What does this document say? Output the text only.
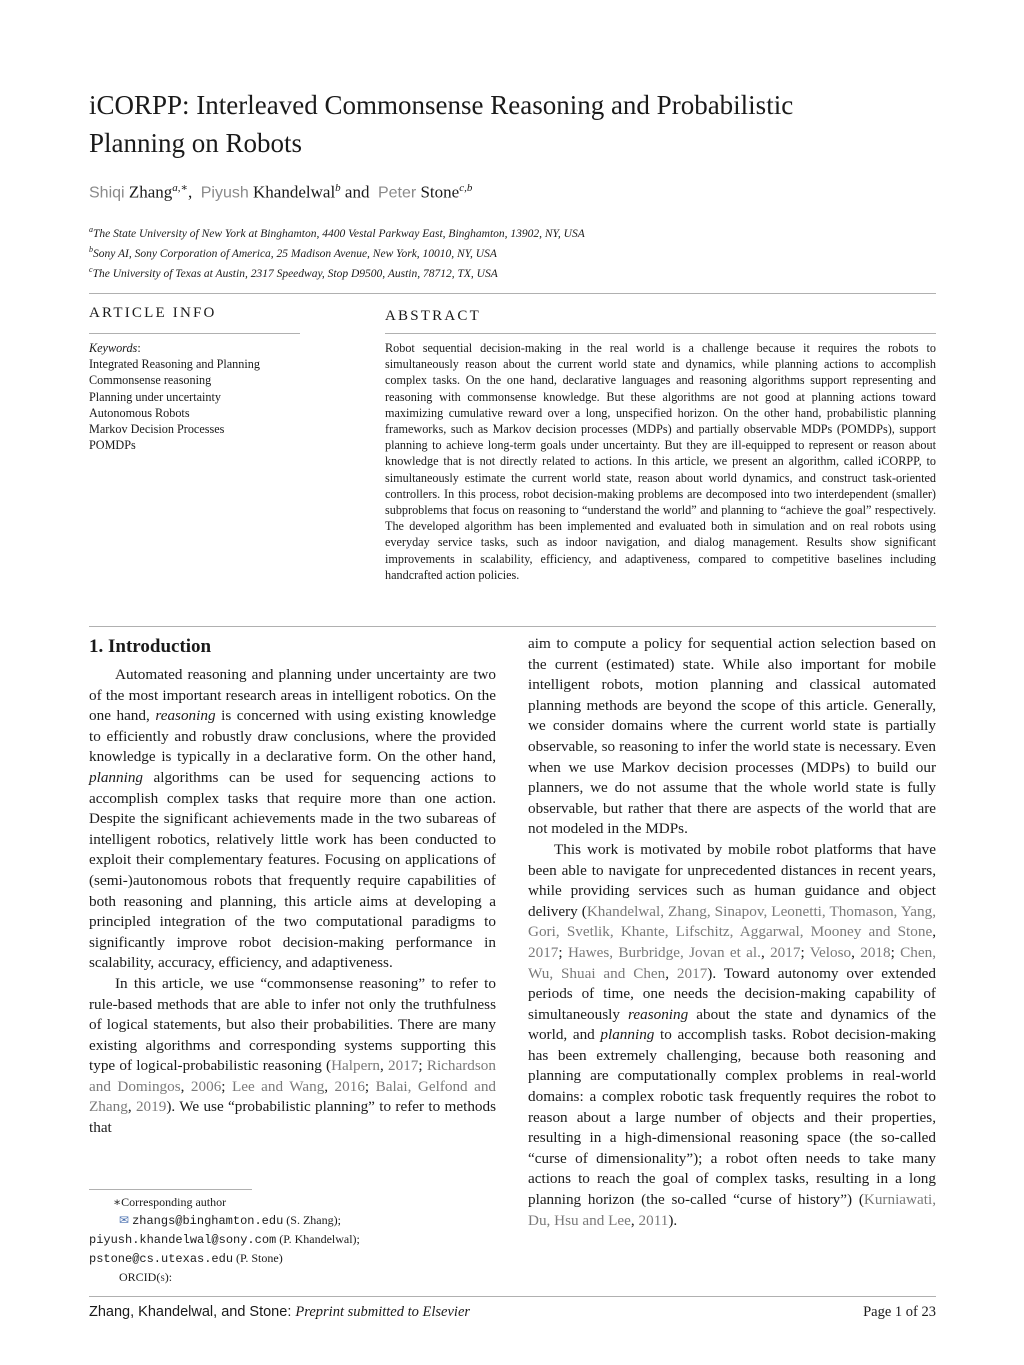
iCORPP: Interleaved Commonsense Reasoning and Probabilistic
Planning on Robots
Shiqi Zhang$^{a,∗}$,  Piyush Khandelwal$^b$ and Peter Stone$^{c,b}$
$^a$The State University of New York at Binghamton, 4400 Vestal Parkway East, Binghamton, 13902, NY, USA
$^b$Sony AI, Sony Corporation of America, 25 Madison Avenue, New York, 10010, NY, USA
$^c$The University of Texas at Austin, 2317 Speedway, Stop D9500, Austin, 78712, TX, USA
ARTICLE INFO
Keywords:
Integrated Reasoning and Planning
Commonsense reasoning
Planning under uncertainty
Autonomous Robots
Markov Decision Processes
POMDPs
ABSTRACT
Robot sequential decision-making in the real world is a challenge because it requires the robots to simultaneously reason about the current world state and dynamics, while planning actions to accomplish complex tasks. On the one hand, declarative languages and reasoning algorithms support representing and reasoning with commonsense knowledge. But these algorithms are not good at planning actions toward maximizing cumulative reward over a long, unspecified horizon. On the other hand, probabilistic planning frameworks, such as Markov decision processes (MDPs) and partially observable MDPs (POMDPs), support planning to achieve long-term goals under uncertainty. But they are ill-equipped to represent or reason about knowledge that is not directly related to actions. In this article, we present an algorithm, called iCORPP, to simultaneously estimate the current world state, reason about world dynamics, and construct task-oriented controllers. In this process, robot decision-making problems are decomposed into two interdependent (smaller) subproblems that focus on reasoning to “understand the world” and planning to “achieve the goal” respectively. The developed algorithm has been implemented and evaluated both in simulation and on real robots using everyday service tasks, such as indoor navigation, and dialog management. Results show significant improvements in scalability, efficiency, and adaptiveness, compared to competitive baselines including handcrafted action policies.
1. Introduction

Automated reasoning and planning under uncertainty are two of the most important research areas in intelligent robotics. On the one hand, reasoning is concerned with using existing knowledge to efficiently and robustly draw conclusions, where the provided knowledge is typically in a declarative form. On the other hand, planning algorithms can be used for sequencing actions to accomplish complex tasks that require more than one action. Despite the significant achievements made in the two subareas of intelligent robotics, relatively little work has been conducted to exploit their complementary features. Focusing on applications of (semi-)autonomous robots that frequently require capabilities of both reasoning and planning, this article aims at developing a principled integration of the two computational paradigms to significantly improve robot decision-making performance in scalability, accuracy, efficiency, and adaptiveness.

In this article, we use “commonsense reasoning” to refer to rule-based methods that are able to infer not only the truthfulness of logical statements, but also their probabilities. There are many existing algorithms and corresponding systems supporting this type of logical-probabilistic reasoning (Halpern, 2017; Richardson and Domingos, 2006; Lee and Wang, 2016; Balai, Gelfond and Zhang, 2019). We use “probabilistic planning” to refer to methods that

∗Corresponding author
✉ zhangs@binghamton.edu (S. Zhang);
piyush.khandelwal@sony.com (P. Khandelwal);
pstone@cs.utexas.edu (P. Stone)
ORCID(s):

aim to compute a policy for sequential action selection based on the current (estimated) state. While also important for mobile intelligent robots, motion planning and classical automated planning methods are beyond the scope of this article. Generally, we consider domains where the current world state is partially observable, so reasoning to infer the world state is necessary. Even when we use Markov decision processes (MDPs) to build our planners, we do not assume that the whole world state is fully observable, but rather that there are aspects of the world that are not modeled in the MDPs.

This work is motivated by mobile robot platforms that have been able to navigate for unprecedented distances in recent years, while providing services such as human guidance and object delivery (Khandelwal, Zhang, Sinapov, Leonetti, Thomason, Yang, Gori, Svetlik, Khante, Lifschitz, Aggarwal, Mooney and Stone, 2017; Hawes, Burbridge, Jovan et al., 2017; Veloso, 2018; Chen, Wu, Shuai and Chen, 2017). Toward autonomy over extended periods of time, one needs the decision-making capability of simultaneously reasoning about the state and dynamics of the world, and planning to accomplish tasks. Robot decision-making has been extremely challenging, because both reasoning and planning are computationally complex problems in real-world domains: a complex robotic task frequently requires the robot to reason about a large number of objects and their properties, resulting in a high-dimensional reasoning space (the so-called “curse of dimensionality”); a robot often needs to take many actions to reach the goal of complex tasks, resulting in a long planning horizon (the so-called “curse of history”) (Kurniawati, Du, Hsu and Lee, 2011).

Zhang, Khandelwal, and Stone: Preprint submitted to Elsevier	Page 1 of 23
